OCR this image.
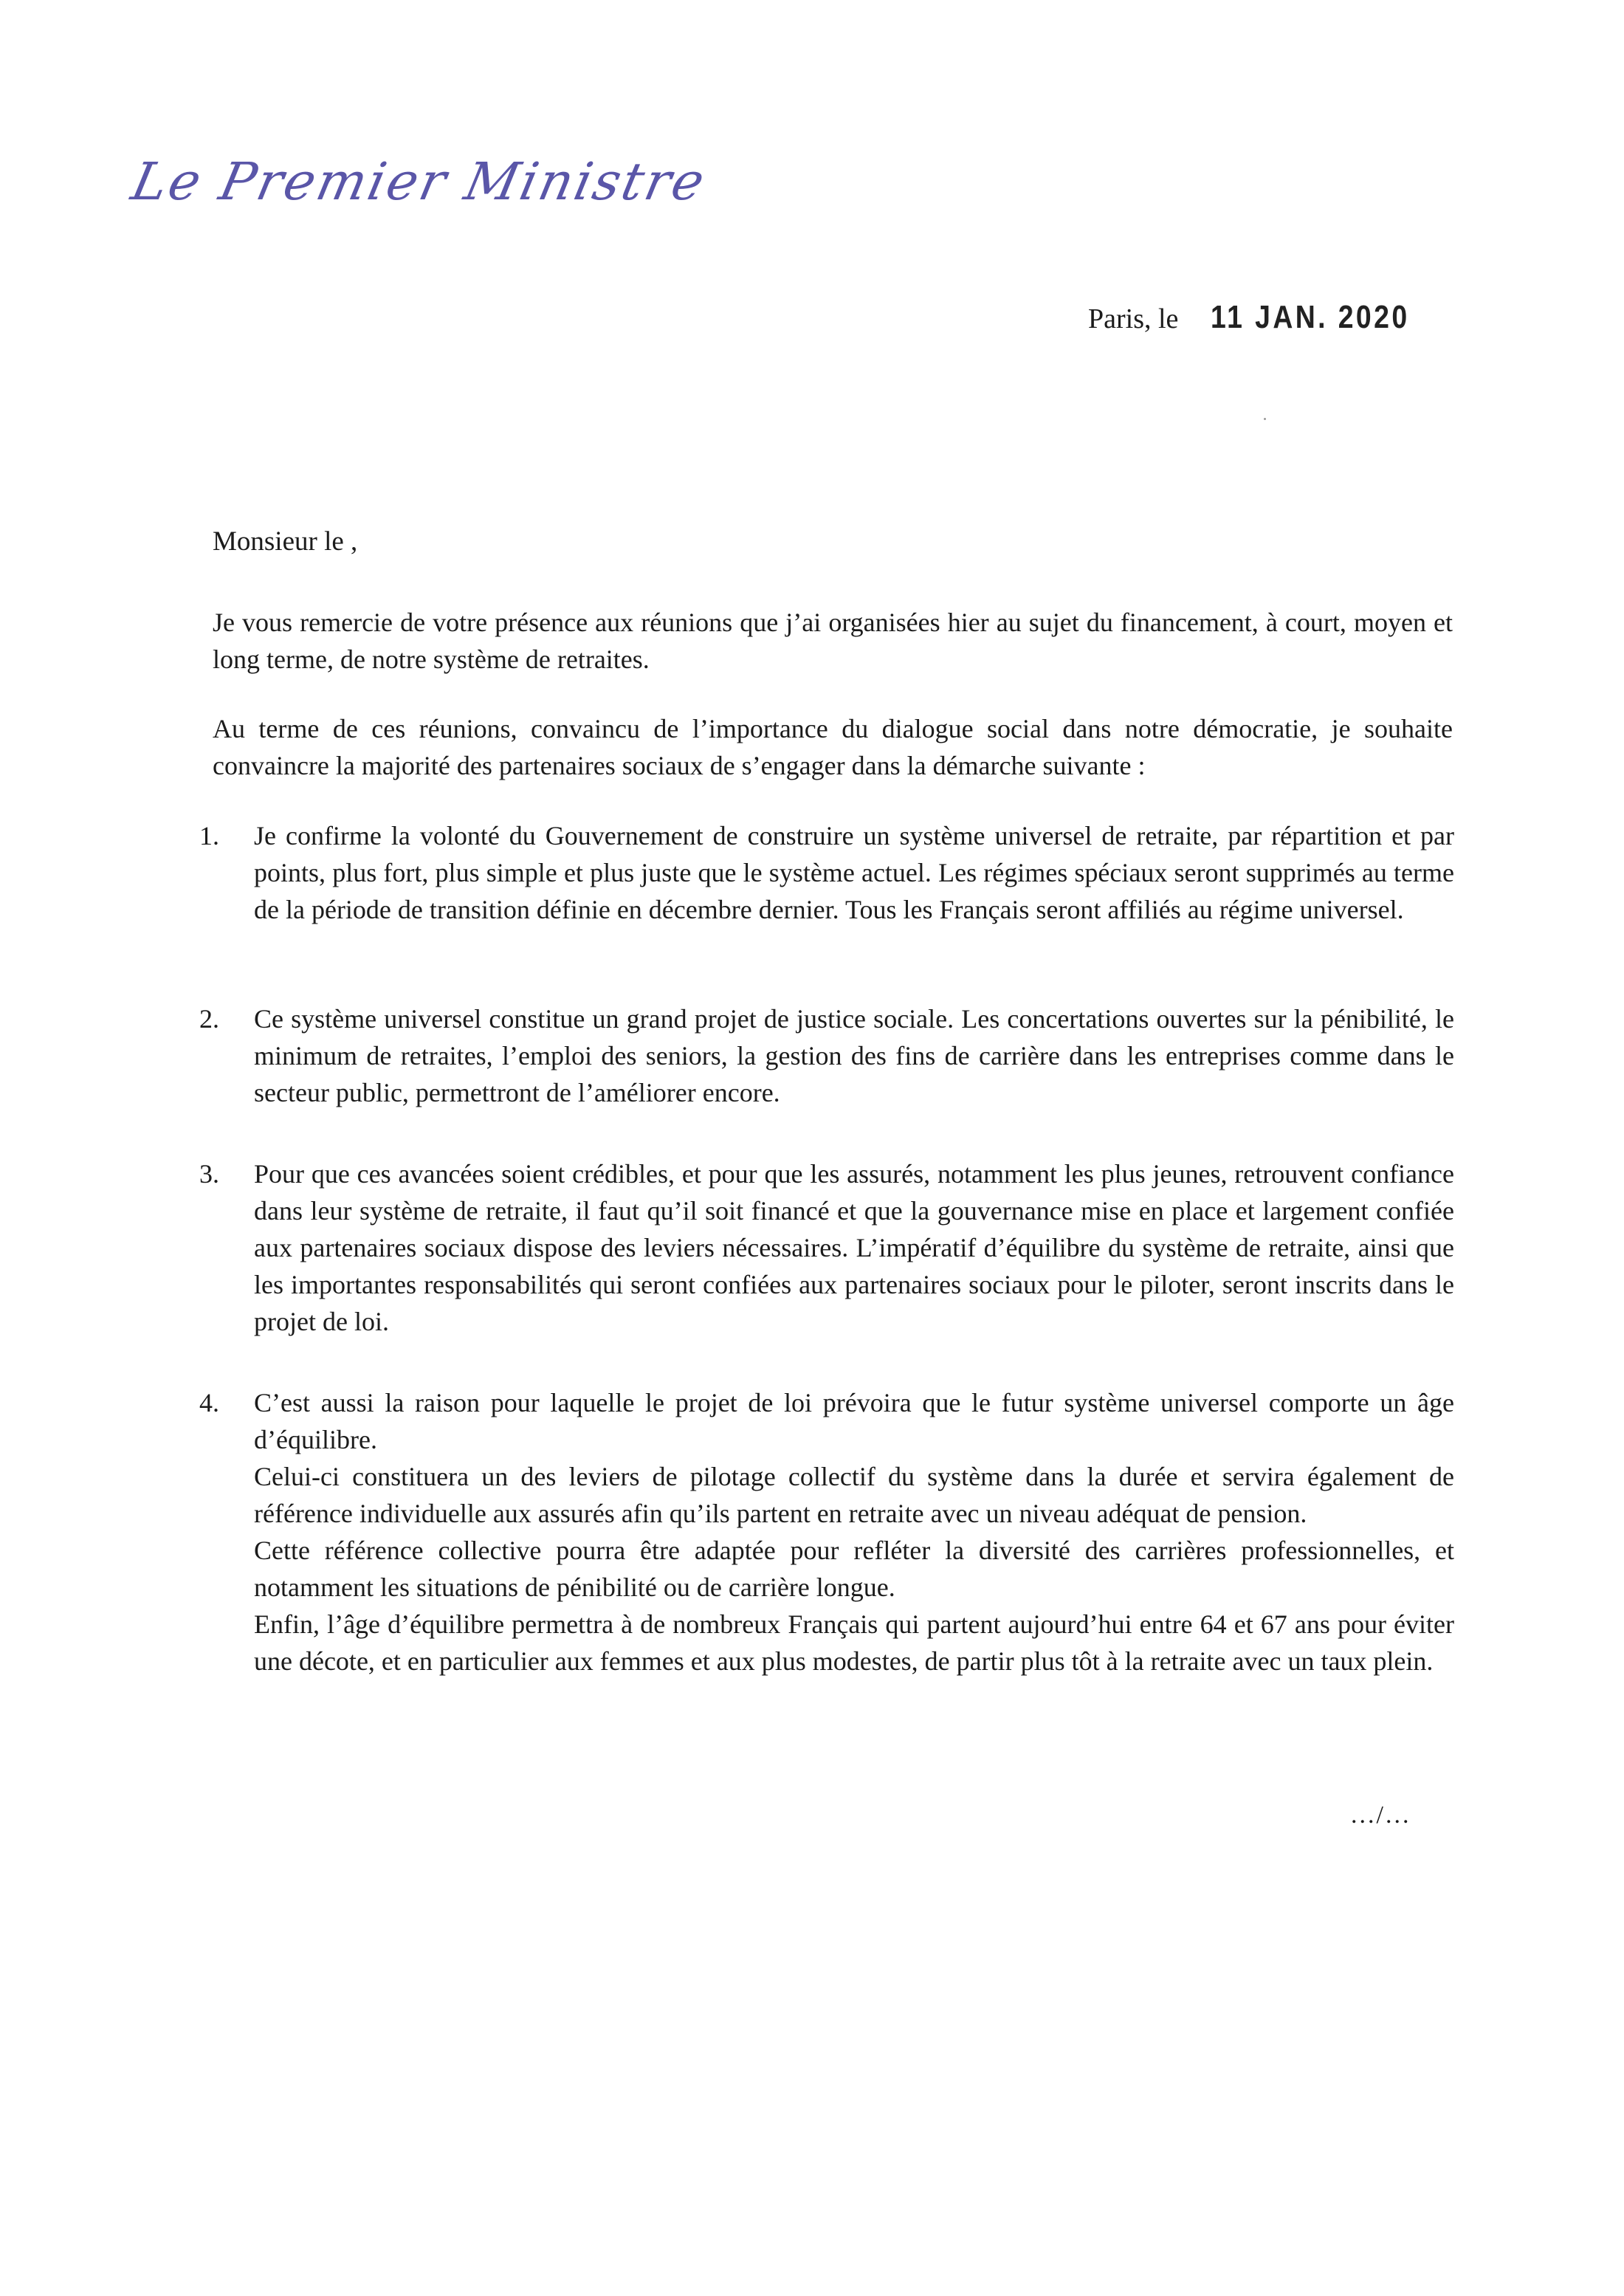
Le Premier Ministre
Paris, le 11 JAN. 2020
Monsieur le ,

Je vous remercie de votre présence aux réunions que j’ai organisées hier au sujet du financement, à court, moyen et long terme, de notre système de retraites.

Au terme de ces réunions, convaincu de l’importance du dialogue social dans notre démocratie, je souhaite convaincre la majorité des partenaires sociaux de s’engager dans la démarche suivante :

1.	Je confirme la volonté du Gouvernement de construire un système universel de retraite, par répartition et par points, plus fort, plus simple et plus juste que le système actuel. Les régimes spéciaux seront supprimés au terme de la période de transition définie en décembre dernier. Tous les Français seront affiliés au régime universel.

2.	Ce système universel constitue un grand projet de justice sociale. Les concertations ouvertes sur la pénibilité, le minimum de retraites, l’emploi des seniors, la gestion des fins de carrière dans les entreprises comme dans le secteur public, permettront de l’améliorer encore.

3.	Pour que ces avancées soient crédibles, et pour que les assurés, notamment les plus jeunes, retrouvent confiance dans leur système de retraite, il faut qu’il soit financé et que la gouvernance mise en place et largement confiée aux partenaires sociaux dispose des leviers nécessaires. L’impératif d’équilibre du système de retraite, ainsi que les importantes responsabilités qui seront confiées aux partenaires sociaux pour le piloter, seront inscrits dans le projet de loi.

4.	C’est aussi la raison pour laquelle le projet de loi prévoira que le futur système universel comporte un âge d’équilibre.

Celui-ci constituera un des leviers de pilotage collectif du système dans la durée et servira également de référence individuelle aux assurés afin qu’ils partent en retraite avec un niveau adéquat de pension.

Cette référence collective pourra être adaptée pour refléter la diversité des carrières professionnelles, et notamment les situations de pénibilité ou de carrière longue.

Enfin, l’âge d’équilibre permettra à de nombreux Français qui partent aujourd’hui entre 64 et 67 ans pour éviter une décote, et en particulier aux femmes et aux plus modestes, de partir plus tôt à la retraite avec un taux plein.

.../...
